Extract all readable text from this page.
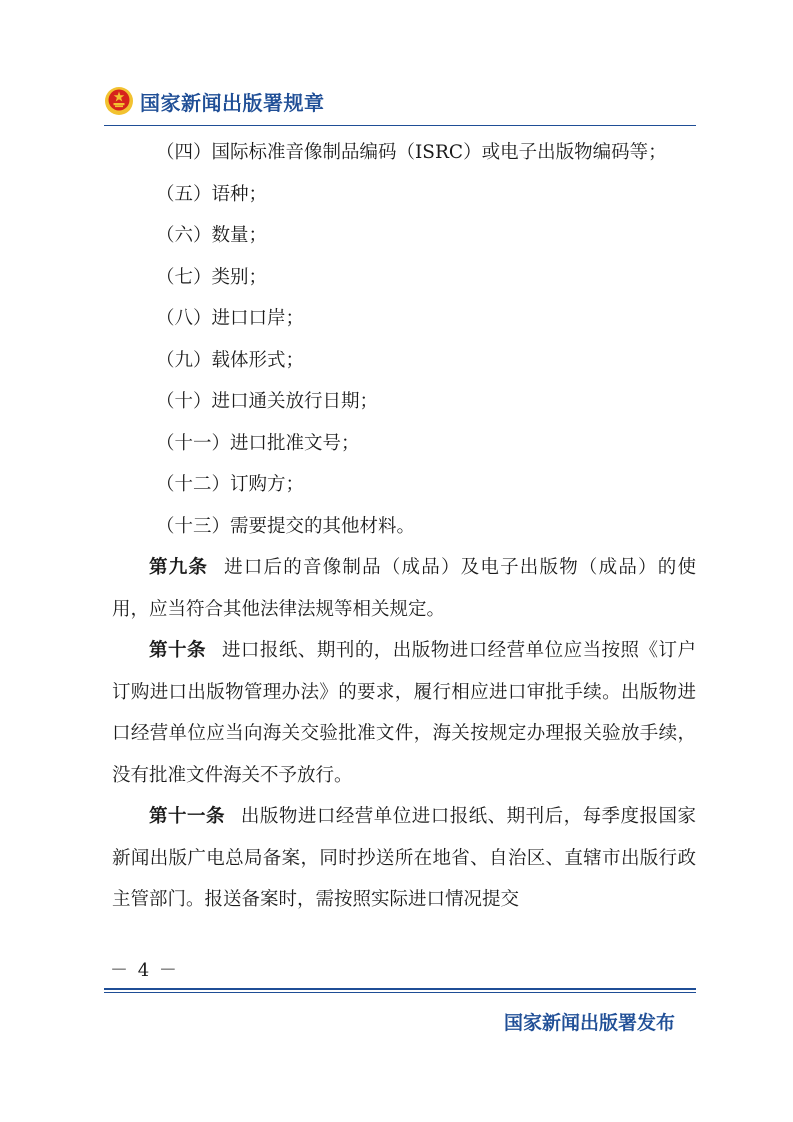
国家新闻出版署规章
（四）国际标准音像制品编码（ISRC）或电子出版物编码等；
（五）语种；
（六）数量；
（七）类别；
（八）进口口岸；
（九）载体形式；
（十）进口通关放行日期；
（十一）进口批准文号；
（十二）订购方；
（十三）需要提交的其他材料。
第九条 进口后的音像制品（成品）及电子出版物（成品）的使用，应当符合其他法律法规等相关规定。
第十条 进口报纸、期刊的，出版物进口经营单位应当按照《订户订购进口出版物管理办法》的要求，履行相应进口审批手续。出版物进口经营单位应当向海关交验批准文件，海关按规定办理报关验放手续，没有批准文件海关不予放行。
第十一条 出版物进口经营单位进口报纸、期刊后，每季度报国家新闻出版广电总局备案，同时抄送所在地省、自治区、直辖市出版行政主管部门。报送备案时，需按照实际进口情况提交
－ 4 －
国家新闻出版署发布
